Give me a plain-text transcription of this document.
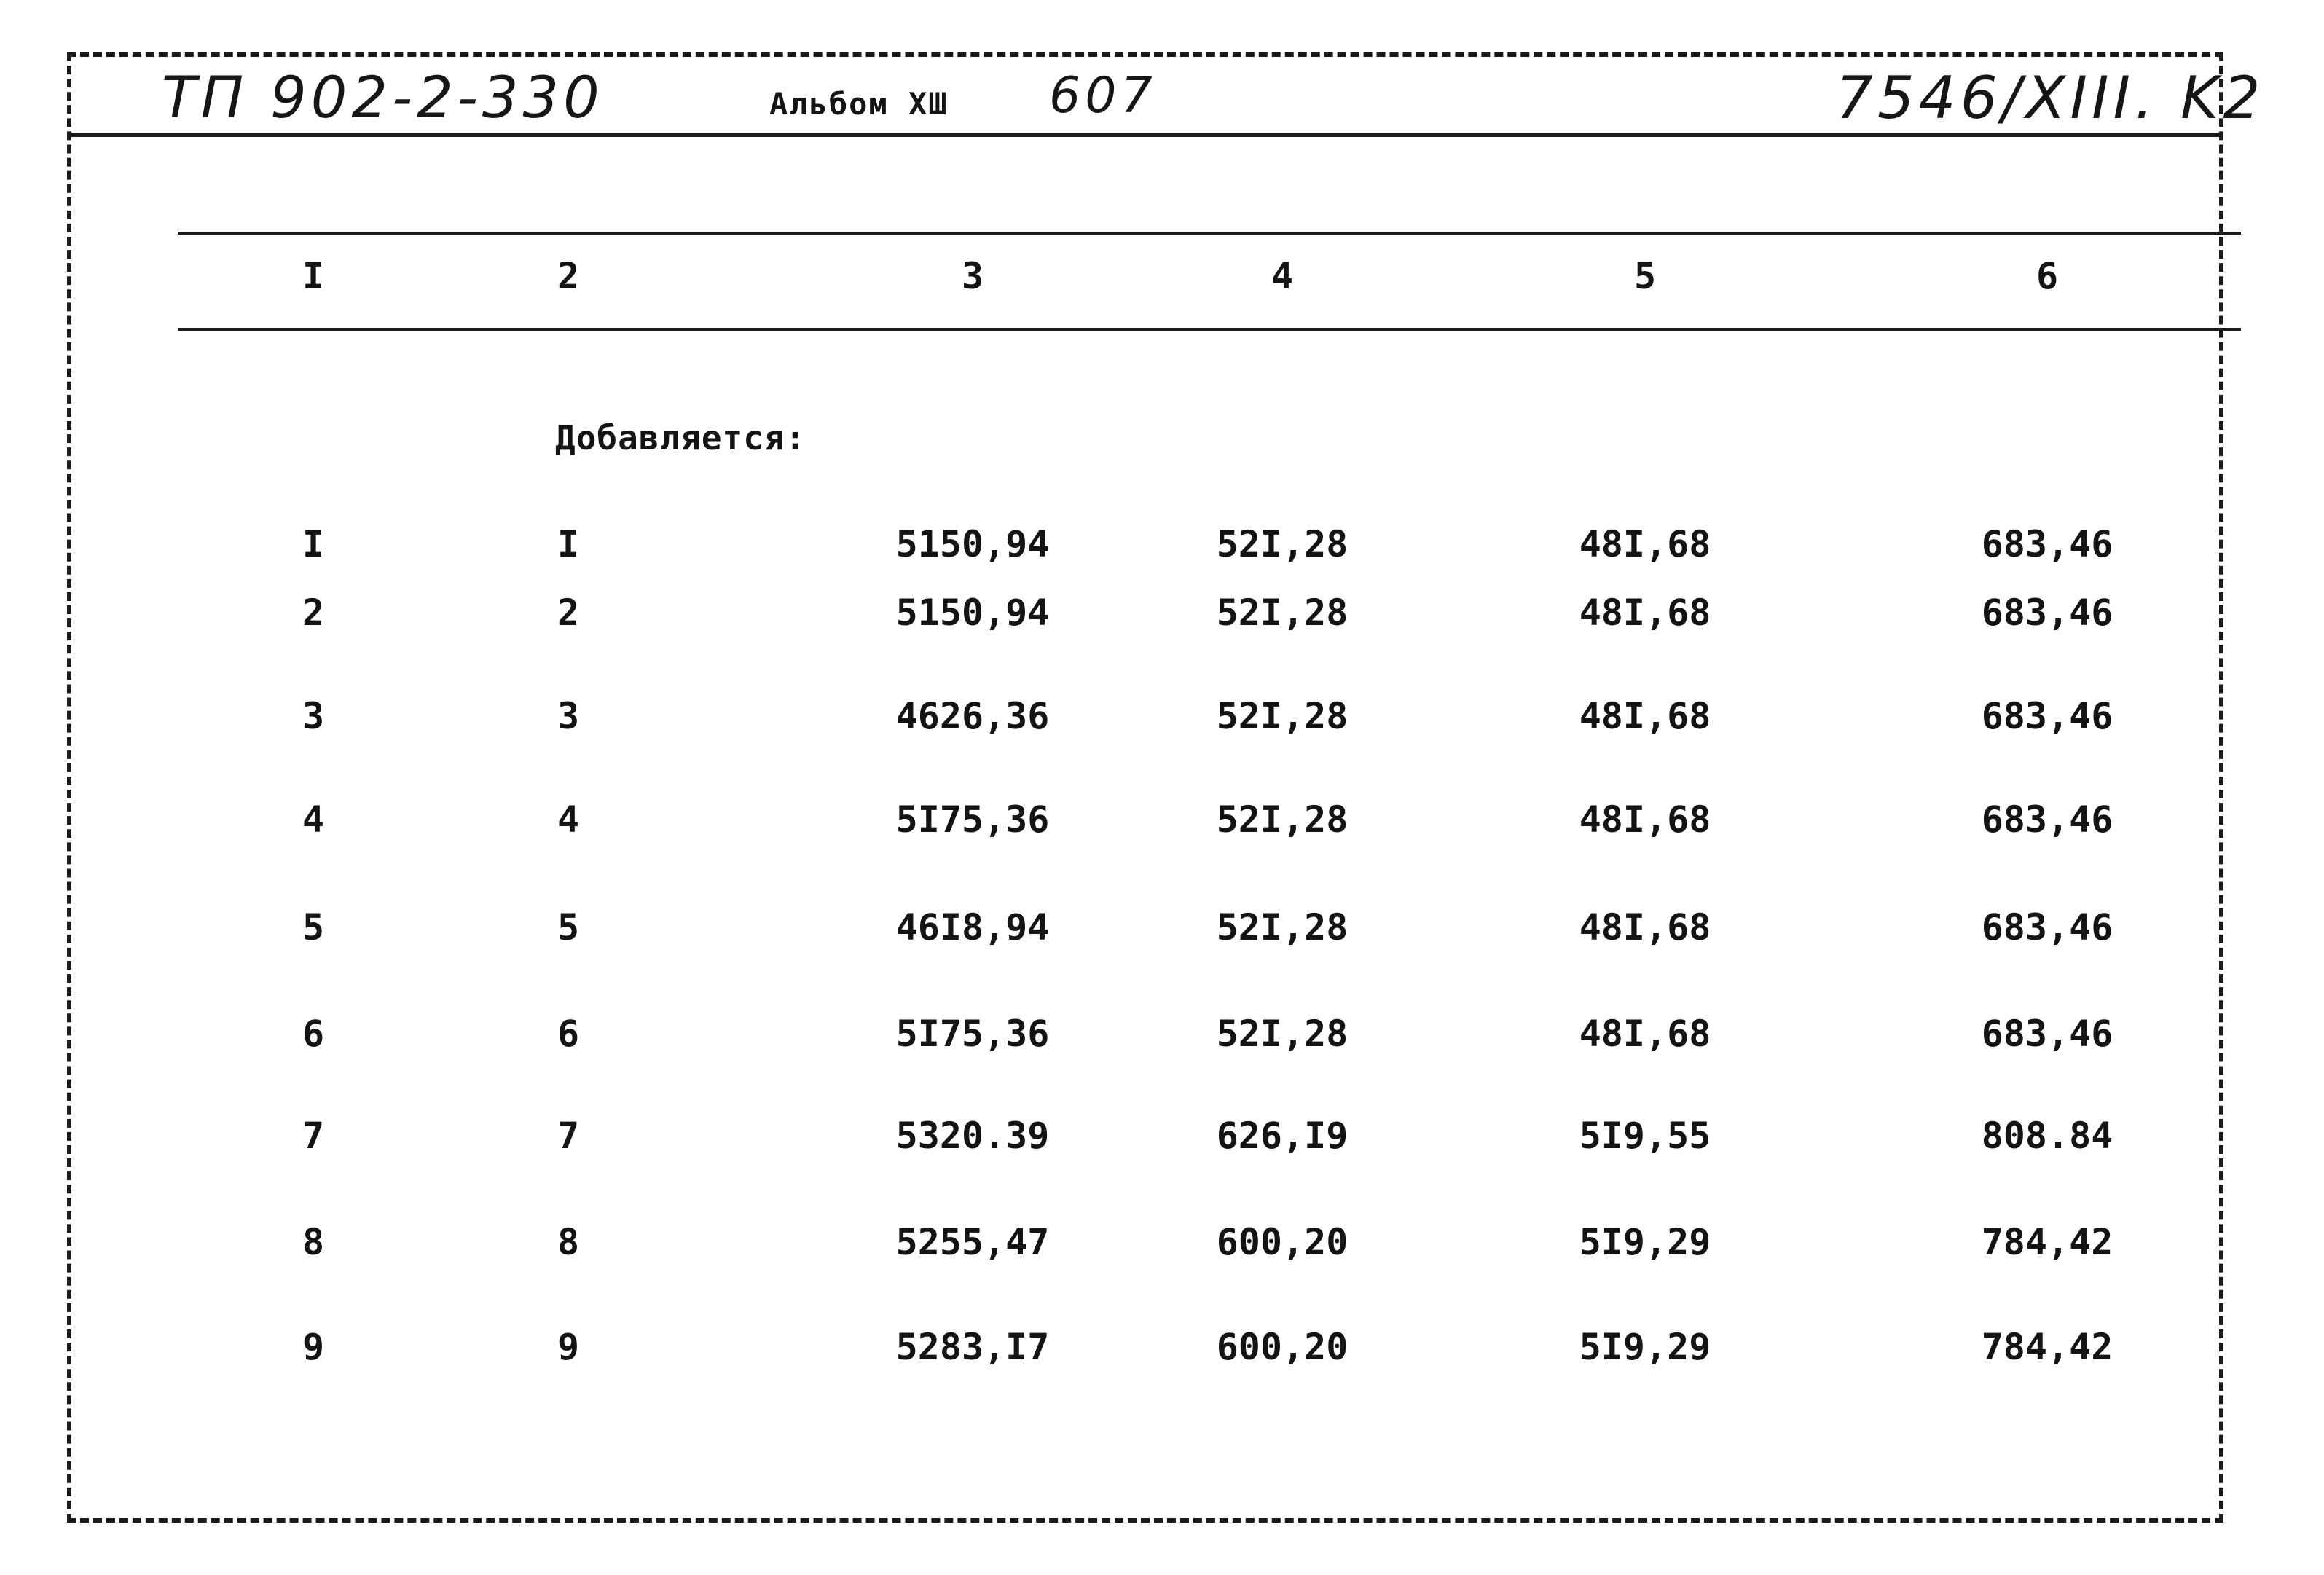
ТП 902-2-330	Альбом ХШ 607	7546/XIII. K2
I	2	3	4	5	6
Добавляется:
I	I	5150,94	52I,28	48I,68	683,46
2	2	5150,94	52I,28	48I,68	683,46
3	3	4626,36	52I,28	48I,68	683,46
4	4	5I75,36	52I,28	48I,68	683,46
5	5	46I8,94	52I,28	48I,68	683,46
6	6	5I75,36	52I,28	48I,68	683,46
7	7	5320.39	626,I9	5I9,55	808.84
8	8	5255,47	600,20	5I9,29	784,42
9	9	5283,I7	600,20	5I9,29	784,42
